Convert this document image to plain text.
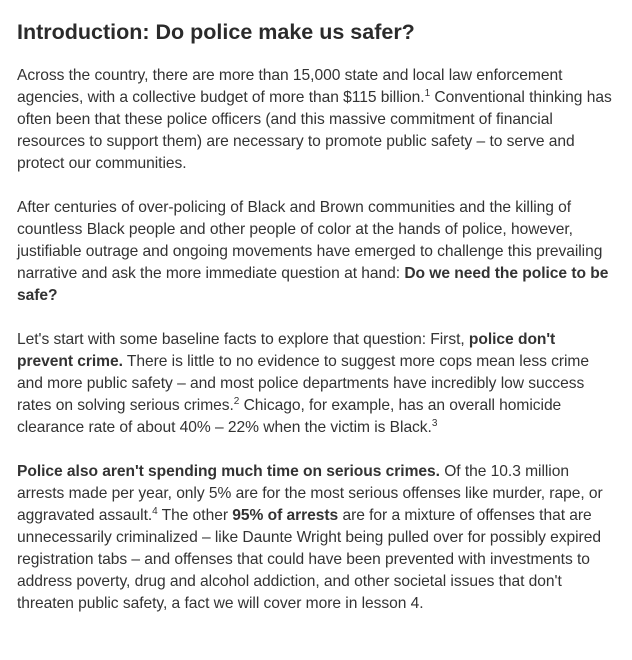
Introduction: Do police make us safer?

Across the country, there are more than 15,000 state and local law enforcement agencies, with a collective budget of more than $115 billion.$^1$ Conventional thinking has often been that these police officers (and this massive commitment of financial resources to support them) are necessary to promote public safety – to serve and protect our communities.

After centuries of over-policing of Black and Brown communities and the killing of countless Black people and other people of color at the hands of police, however, justifiable outrage and ongoing movements have emerged to challenge this prevailing narrative and ask the more immediate question at hand: Do we need the police to be safe?

Let's start with some baseline facts to explore that question: First, police don't prevent crime. There is little to no evidence to suggest more cops mean less crime and more public safety – and most police departments have incredibly low success rates on solving serious crimes.$^2$ Chicago, for example, has an overall homicide clearance rate of about 40% – 22% when the victim is Black.$^3$

Police also aren't spending much time on serious crimes. Of the 10.3 million arrests made per year, only 5% are for the most serious offenses like murder, rape, or aggravated assault.$^4$ The other 95% of arrests are for a mixture of offenses that are unnecessarily criminalized – like Daunte Wright being pulled over for possibly expired registration tabs – and offenses that could have been prevented with investments to address poverty, drug and alcohol addiction, and other societal issues that don't threaten public safety, a fact we will cover more in lesson 4.
